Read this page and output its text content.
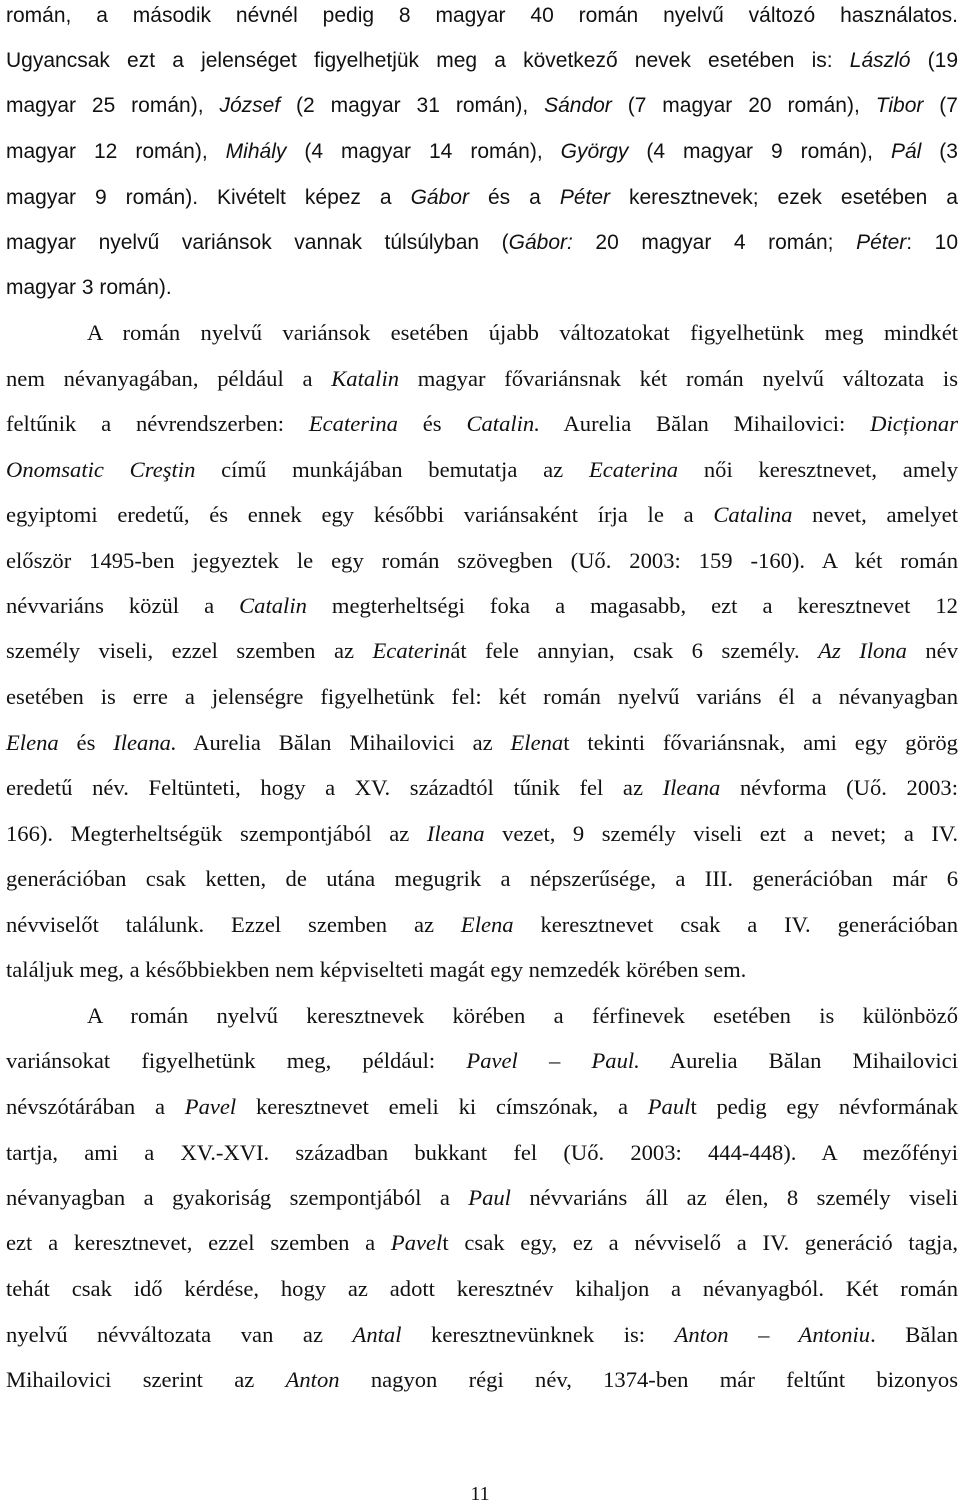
román, a második névnél pedig 8 magyar 40 román nyelvű változó használatos.
Ugyancsak ezt a jelenséget figyelhetjük meg a következő nevek esetében is: László (19
magyar 25 román), József (2 magyar 31 román), Sándor (7 magyar 20 román), Tibor (7
magyar 12 román), Mihály (4 magyar 14 román), György (4 magyar 9 román), Pál (3
magyar 9 román). Kivételt képez a Gábor és a Péter keresztnevek; ezek esetében a
magyar nyelvű variánsok vannak túlsúlyban (Gábor: 20 magyar 4 román; Péter: 10
magyar 3 román).
A román nyelvű variánsok esetében újabb változatokat figyelhetünk meg mindkét
nem névanyagában, például a Katalin magyar fővariánsnak két román nyelvű változata is
feltűnik a névrendszerben: Ecaterina és Catalin. Aurelia Bălan Mihailovici: Dicționar
Onomsatic Creştin című munkájában bemutatja az Ecaterina női keresztnevet, amely
egyiptomi eredetű, és ennek egy későbbi variánsaként írja le a Catalina nevet, amelyet
először 1495-ben jegyeztek le egy román szövegben (Uő. 2003: 159 -160). A két román
névvariáns közül a Catalin megterheltségi foka a magasabb, ezt a keresztnevet 12
személy viseli, ezzel szemben az Ecaterinát fele annyian, csak 6 személy. Az Ilona név
esetében is erre a jelenségre figyelhetünk fel: két román nyelvű variáns él a névanyagban
Elena és Ileana. Aurelia Bălan Mihailovici az Elenat tekinti fővariánsnak, ami egy görög
eredetű név. Feltünteti, hogy a XV. századtól tűnik fel az Ileana névforma (Uő. 2003:
166). Megterheltségük szempontjából az Ileana vezet, 9 személy viseli ezt a nevet; a IV.
generációban csak ketten, de utána megugrik a népszerűsége, a III. generációban már 6
névviselőt találunk. Ezzel szemben az Elena keresztnevet csak a IV. generációban
találjuk meg, a későbbiekben nem képviselteti magát egy nemzedék körében sem.
A román nyelvű keresztnevek körében a férfinevek esetében is különböző
variánsokat figyelhetünk meg, például: Pavel – Paul. Aurelia Bălan Mihailovici
névszótárában a Pavel keresztnevet emeli ki címszónak, a Pault pedig egy névformának
tartja, ami a XV.-XVI. században bukkant fel (Uő. 2003: 444-448). A mezőfényi
névanyagban a gyakoriság szempontjából a Paul névvariáns áll az élen, 8 személy viseli
ezt a keresztnevet, ezzel szemben a Pavelt csak egy, ez a névviselő a IV. generáció tagja,
tehát csak idő kérdése, hogy az adott keresztnév kihaljon a névanyagból. Két román
nyelvű névváltozata van az Antal keresztnevünknek is: Anton – Antoniu. Bălan
Mihailovici szerint az Anton nagyon régi név, 1374-ben már feltűnt bizonyos
11
